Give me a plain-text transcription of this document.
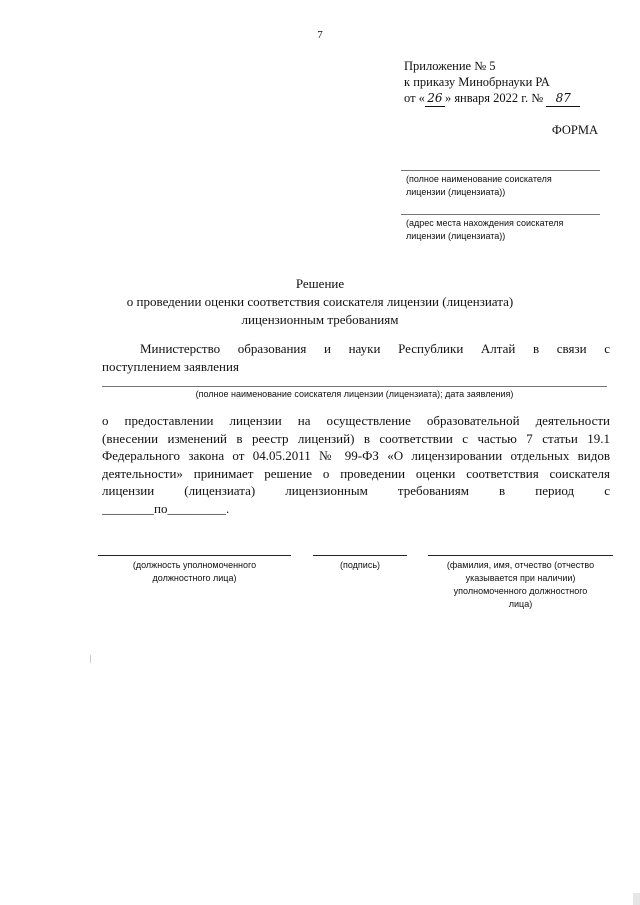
7
Приложение № 5
к приказу Минобрнауки РА
от « 26 » января 2022 г. № 87
ФОРМА
(полное наименование соискателя
лицензии (лицензиата))
(адрес места нахождения соискателя
лицензии (лицензиата))
Решение
о проведении оценки соответствия соискателя лицензии (лицензиата)
лицензионным требованиям
Министерство образования и науки Республики Алтай в связи с
поступлением заявления
(полное наименование соискателя лицензии (лицензиата); дата заявления)
о предоставлении лицензии на осуществление образовательной деятельности
(внесении изменений в реестр лицензий) в соответствии с частью 7 статьи 19.1
Федерального закона от 04.05.2011 № 99-ФЗ «О лицензировании отдельных видов
деятельности» принимает решение о проведении оценки соответствия соискателя
лицензии (лицензиата) лицензионным требованиям в период с
________по_________.
(должность уполномоченного
должностного лица)
(подпись)	(фамилия, имя, отчество (отчество
указывается при наличии)
уполномоченного должностного
лица)
